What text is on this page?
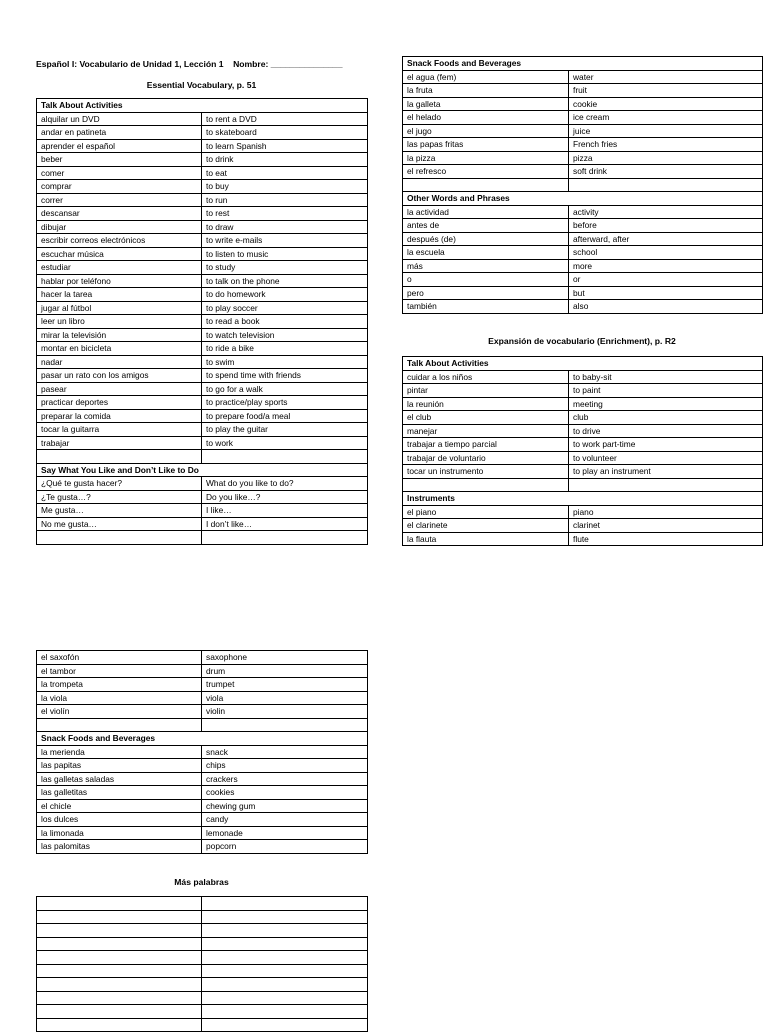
Español I: Vocabulario de Unidad 1, Lección 1 Nombre: _______________
Essential Vocabulary, p. 51
Talk About Activities	
alquilar un DVD	to rent a DVD
andar en patineta	to skateboard
aprender el español	to learn Spanish
beber	to drink
comer	to eat
comprar	to buy
correr	to run
descansar	to rest
dibujar	to draw
escribir correos electrónicos	to write e-mails
escuchar música	to listen to music
estudiar	to study
hablar por teléfono	to talk on the phone
hacer la tarea	to do homework
jugar al fútbol	to play soccer
leer un libro	to read a book
mirar la televisión	to watch television
montar en bicicleta	to ride a bike
nadar	to swim
pasar un rato con los amigos	to spend time with friends
pasear	to go for a walk
practicar deportes	to practice/play sports
preparar la comida	to prepare food/a meal
tocar la guitarra	to play the guitar
trabajar	to work

Say What You Like and Don’t Like to Do	
¿Qué te gusta hacer?	What do you like to do?
¿Te gusta…?	Do you like…?
Me gusta…	I like…
No me gusta…	I don’t like…

Snack Foods and Beverages	
el agua (fem)	water
la fruta	fruit
la galleta	cookie
el helado	ice cream
el jugo	juice
las papas fritas	French fries
la pizza	pizza
el refresco	soft drink

Other Words and Phrases	
la actividad	activity
antes de	before
después (de)	afterward, after
la escuela	school
más	more
o	or
pero	but
también	also
Expansión de vocabulario (Enrichment), p. R2
Talk About Activities	
cuidar a los niños	to baby-sit
pintar	to paint
la reunión	meeting
el club	club
manejar	to drive
trabajar a tiempo parcial	to work part-time
trabajar de voluntario	to volunteer
tocar un instrumento	to play an instrument

Instruments	
el piano	piano
el clarinete	clarinet
la flauta	flute
el saxofón	saxophone
el tambor	drum
la trompeta	trumpet
la viola	viola
el violín	violin

Snack Foods and Beverages	
la merienda	snack
las papitas	chips
las galletas saladas	crackers
las galletitas	cookies
el chicle	chewing gum
los dulces	candy
la limonada	lemonade
las palomitas	popcorn
Más palabras
